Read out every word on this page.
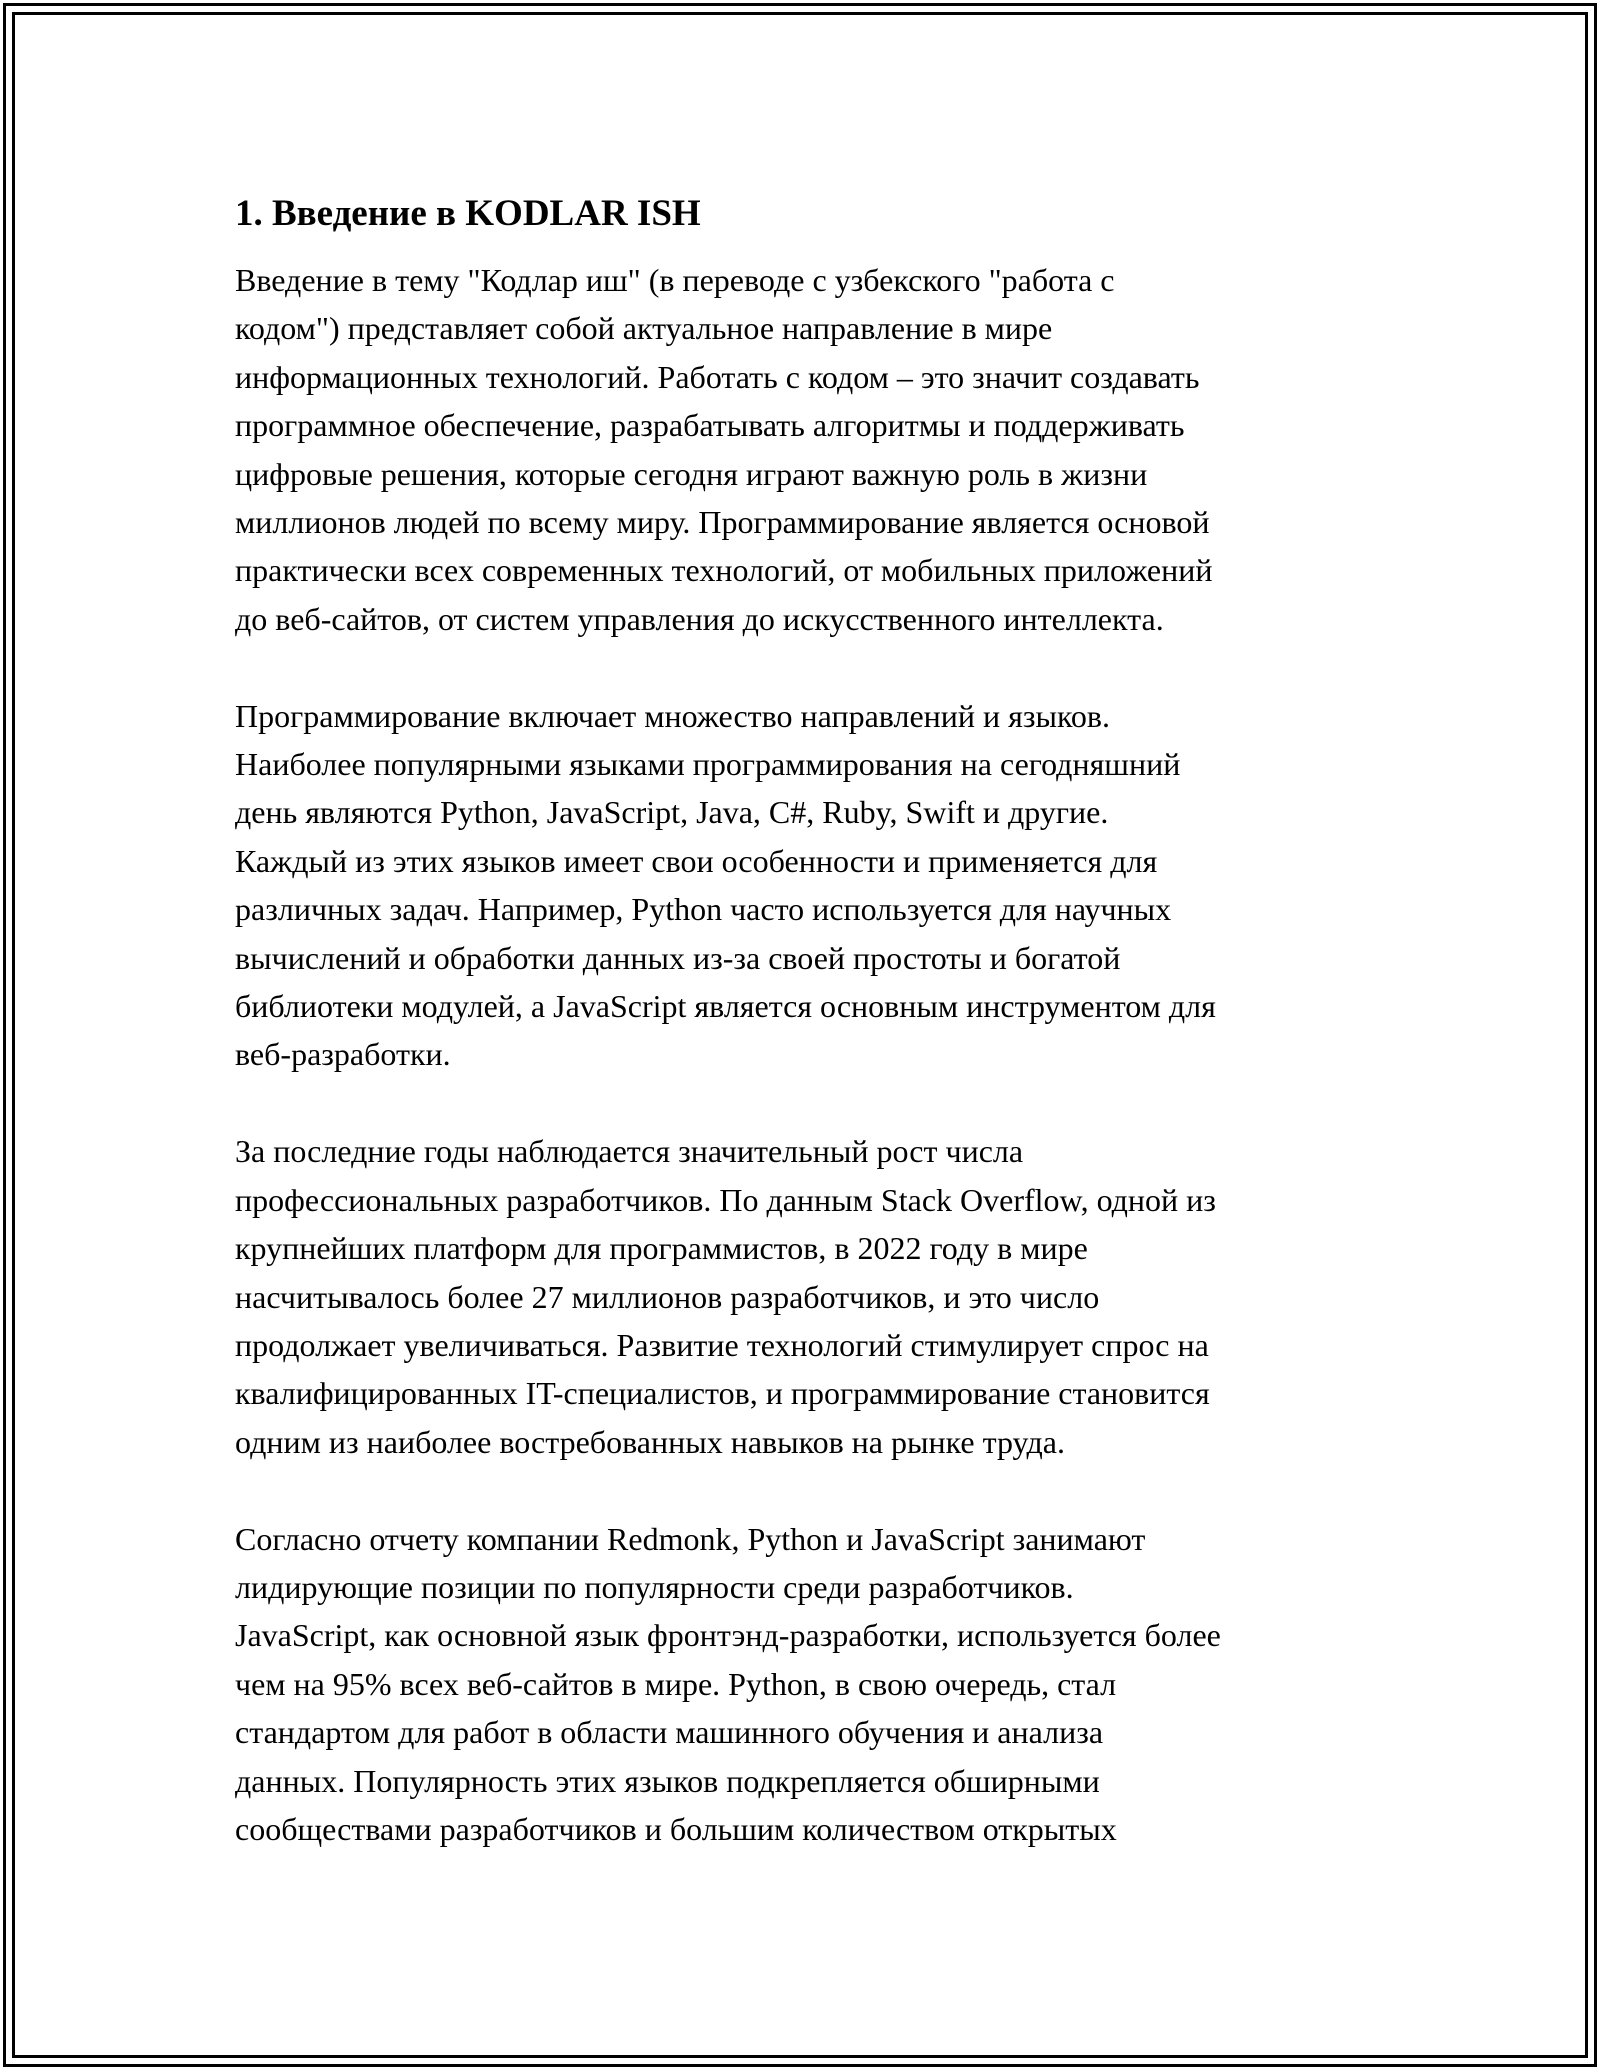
1. Введение в KODLAR ISH

Введение в тему "Кодлар иш" (в переводе с узбекского "работа с
кодом") представляет собой актуальное направление в мире
информационных технологий. Работать с кодом – это значит создавать
программное обеспечение, разрабатывать алгоритмы и поддерживать
цифровые решения, которые сегодня играют важную роль в жизни
миллионов людей по всему миру. Программирование является основой
практически всех современных технологий, от мобильных приложений
до веб-сайтов, от систем управления до искусственного интеллекта.

Программирование включает множество направлений и языков.
Наиболее популярными языками программирования на сегодняшний
день являются Python, JavaScript, Java, C#, Ruby, Swift и другие.
Каждый из этих языков имеет свои особенности и применяется для
различных задач. Например, Python часто используется для научных
вычислений и обработки данных из-за своей простоты и богатой
библиотеки модулей, а JavaScript является основным инструментом для
веб-разработки.

За последние годы наблюдается значительный рост числа
профессиональных разработчиков. По данным Stack Overflow, одной из
крупнейших платформ для программистов, в 2022 году в мире
насчитывалось более 27 миллионов разработчиков, и это число
продолжает увеличиваться. Развитие технологий стимулирует спрос на
квалифицированных IT-специалистов, и программирование становится
одним из наиболее востребованных навыков на рынке труда.

Согласно отчету компании Redmonk, Python и JavaScript занимают
лидирующие позиции по популярности среди разработчиков.
JavaScript, как основной язык фронтэнд-разработки, используется более
чем на 95% всех веб-сайтов в мире. Python, в свою очередь, стал
стандартом для работ в области машинного обучения и анализа
данных. Популярность этих языков подкрепляется обширными
сообществами разработчиков и большим количеством открытых
